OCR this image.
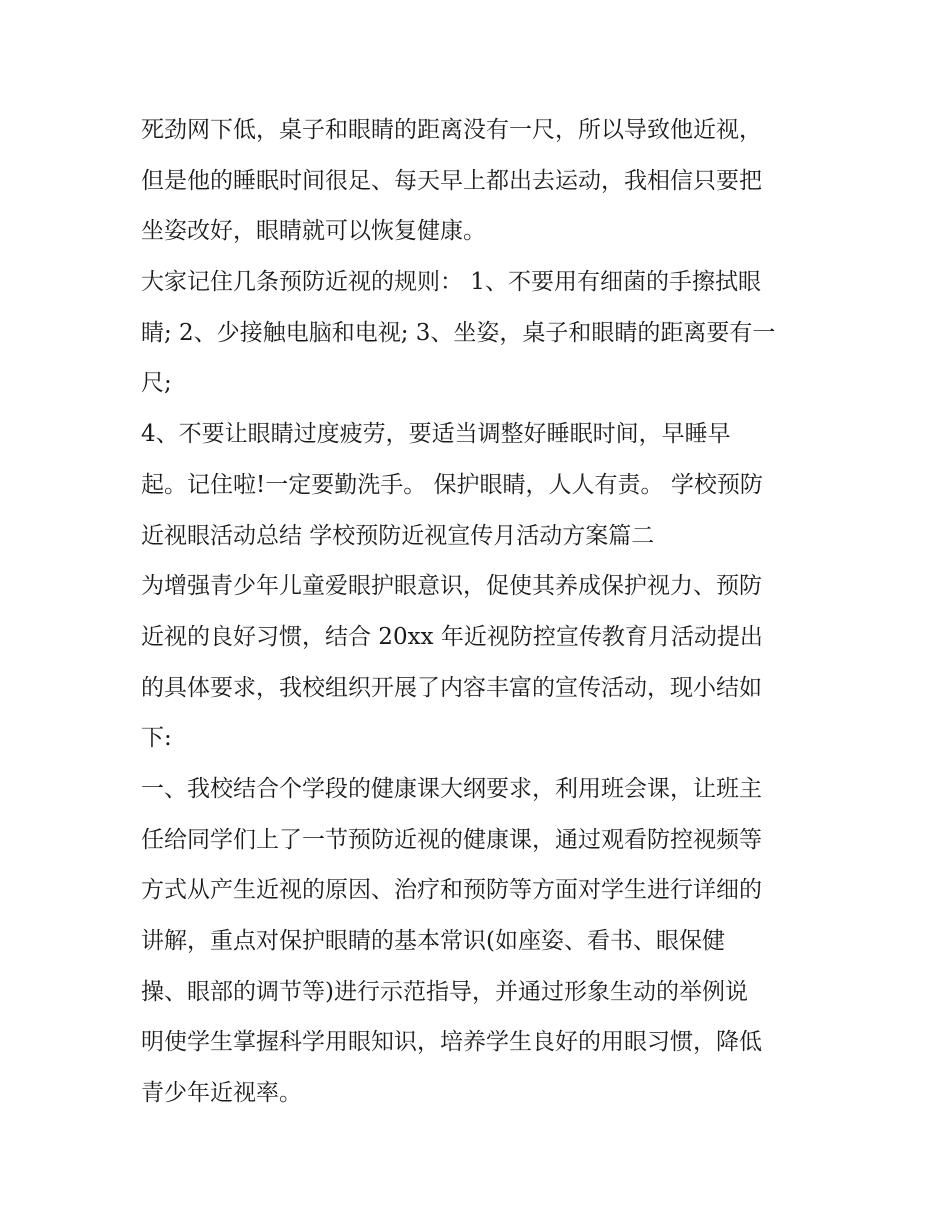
死劲网下低，桌子和眼睛的距离没有一尺，所以导致他近视，
但是他的睡眠时间很足、每天早上都出去运动，我相信只要把
坐姿改好，眼睛就可以恢复健康。
大家记住几条预防近视的规则： 1、不要用有细菌的手擦拭眼
睛; 2、少接触电脑和电视; 3、坐姿，桌子和眼睛的距离要有一
尺;
4、不要让眼睛过度疲劳，要适当调整好睡眠时间，早睡早
起。记住啦!一定要勤洗手。 保护眼睛，人人有责。 学校预防
近视眼活动总结 学校预防近视宣传月活动方案篇二
为增强青少年儿童爱眼护眼意识，促使其养成保护视力、预防
近视的良好习惯，结合 20xx 年近视防控宣传教育月活动提出
的具体要求，我校组织开展了内容丰富的宣传活动，现小结如
下:
一、我校结合个学段的健康课大纲要求，利用班会课，让班主
任给同学们上了一节预防近视的健康课，通过观看防控视频等
方式从产生近视的原因、治疗和预防等方面对学生进行详细的
讲解，重点对保护眼睛的基本常识(如座姿、看书、眼保健
操、眼部的调节等)进行示范指导，并通过形象生动的举例说
明使学生掌握科学用眼知识，培养学生良好的用眼习惯，降低
青少年近视率。
